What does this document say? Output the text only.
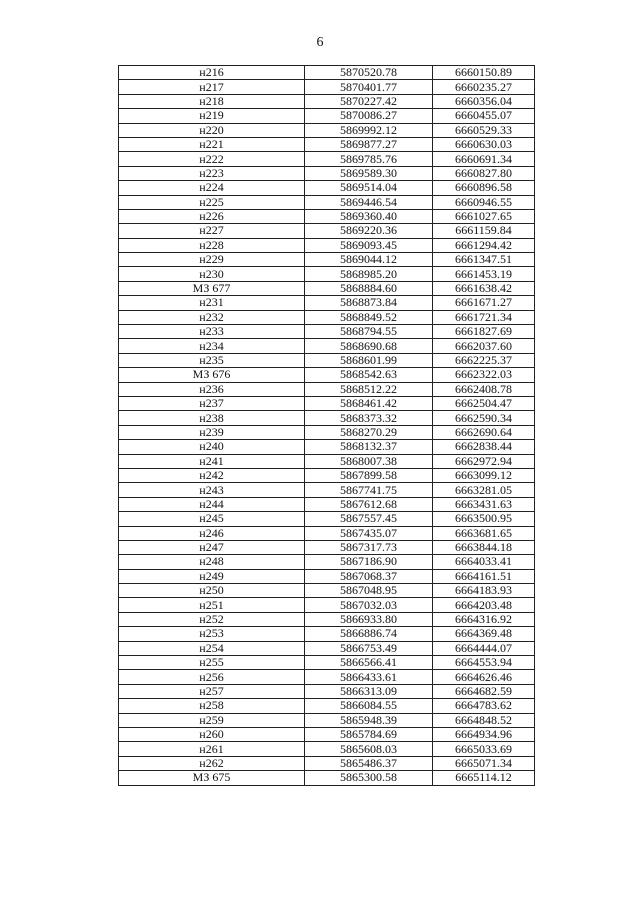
6
н216	5870520.78	6660150.89
н217	5870401.77	6660235.27
н218	5870227.42	6660356.04
н219	5870086.27	6660455.07
н220	5869992.12	6660529.33
н221	5869877.27	6660630.03
н222	5869785.76	6660691.34
н223	5869589.30	6660827.80
н224	5869514.04	6660896.58
н225	5869446.54	6660946.55
н226	5869360.40	6661027.65
н227	5869220.36	6661159.84
н228	5869093.45	6661294.42
н229	5869044.12	6661347.51
н230	5868985.20	6661453.19
МЗ 677	5868884.60	6661638.42
н231	5868873.84	6661671.27
н232	5868849.52	6661721.34
н233	5868794.55	6661827.69
н234	5868690.68	6662037.60
н235	5868601.99	6662225.37
МЗ 676	5868542.63	6662322.03
н236	5868512.22	6662408.78
н237	5868461.42	6662504.47
н238	5868373.32	6662590.34
н239	5868270.29	6662690.64
н240	5868132.37	6662838.44
н241	5868007.38	6662972.94
н242	5867899.58	6663099.12
н243	5867741.75	6663281.05
н244	5867612.68	6663431.63
н245	5867557.45	6663500.95
н246	5867435.07	6663681.65
н247	5867317.73	6663844.18
н248	5867186.90	6664033.41
н249	5867068.37	6664161.51
н250	5867048.95	6664183.93
н251	5867032.03	6664203.48
н252	5866933.80	6664316.92
н253	5866886.74	6664369.48
н254	5866753.49	6664444.07
н255	5866566.41	6664553.94
н256	5866433.61	6664626.46
н257	5866313.09	6664682.59
н258	5866084.55	6664783.62
н259	5865948.39	6664848.52
н260	5865784.69	6664934.96
н261	5865608.03	6665033.69
н262	5865486.37	6665071.34
МЗ 675	5865300.58	6665114.12
